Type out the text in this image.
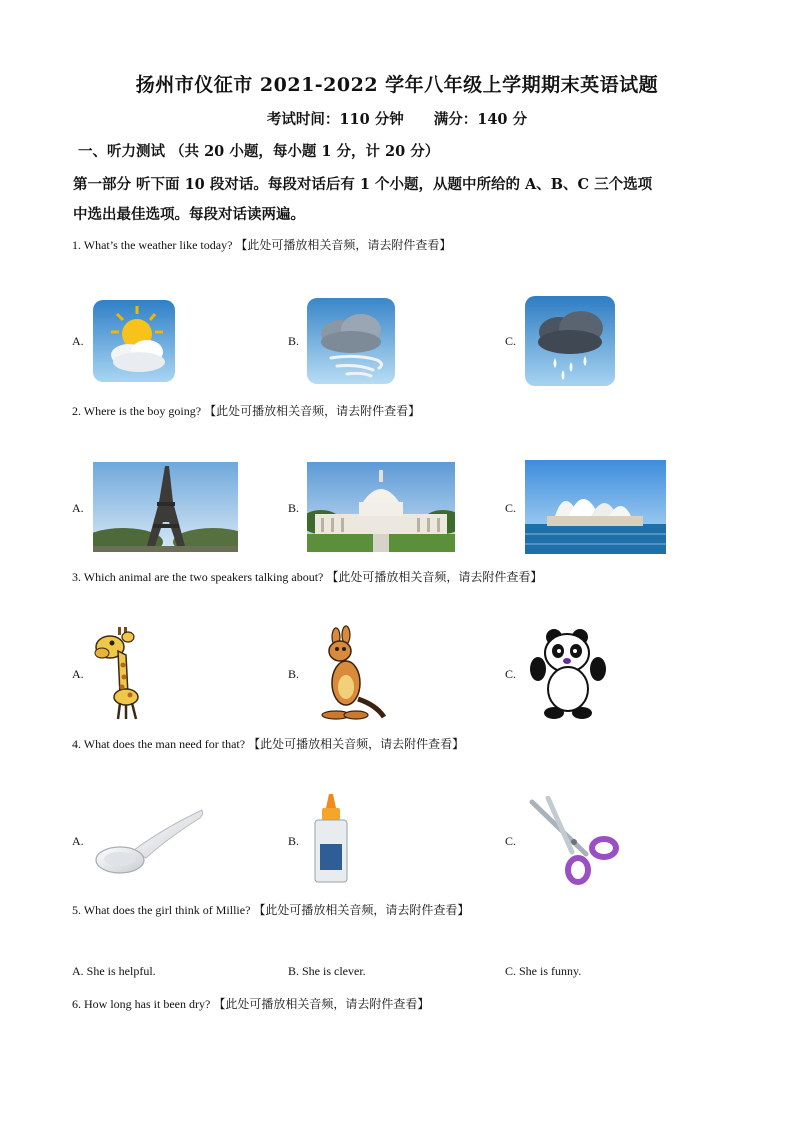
扬州市仪征市 2021-2022 学年八年级上学期期末英语试题
考试时间：110 分钟 满分：140 分
一、听力测试 （共 20 小题，每小题 1 分，计 20 分）
第一部分 听下面 10 段对话。每段对话后有 1 个小题，从题中所给的 A、B、C 三个选项
中选出最佳选项。每段对话读两遍。
1. What’s the weather like today? 【此处可播放相关音频，请去附件查看】
A.	B.	C.
2. Where is the boy going? 【此处可播放相关音频，请去附件查看】
A.	B.	C.
3. Which animal are the two speakers talking about? 【此处可播放相关音频，请去附件查看】
A.	B.	C.
4. What does the man need for that? 【此处可播放相关音频，请去附件查看】
A.	B.	C.
5. What does the girl think of Millie? 【此处可播放相关音频，请去附件查看】
A. She is helpful.	B. She is clever.	C. She is funny.
6. How long has it been dry? 【此处可播放相关音频，请去附件查看】
